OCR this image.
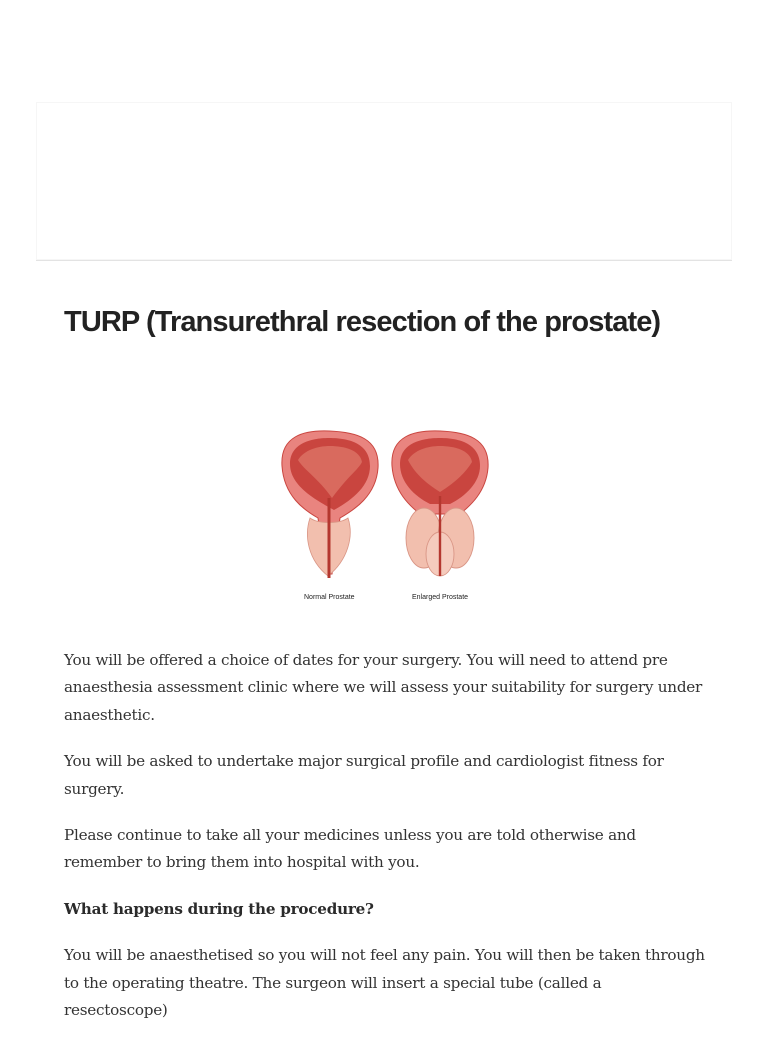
TURP (Transurethral resection of the prostate)
Normal Prostate	Enlarged Prostate

You will be offered a choice of dates for your surgery. You will need to attend pre anaesthesia assessment clinic where we will assess your suitability for surgery under anaesthetic.

You will be asked to undertake major surgical profile and cardiologist fitness for surgery.

Please continue to take all your medicines unless you are told otherwise and remember to bring them into hospital with you.

What happens during the procedure?

You will be anaesthetised so you will not feel any pain. You will then be taken through to the operating theatre. The surgeon will insert a special tube (called a resectoscope)
